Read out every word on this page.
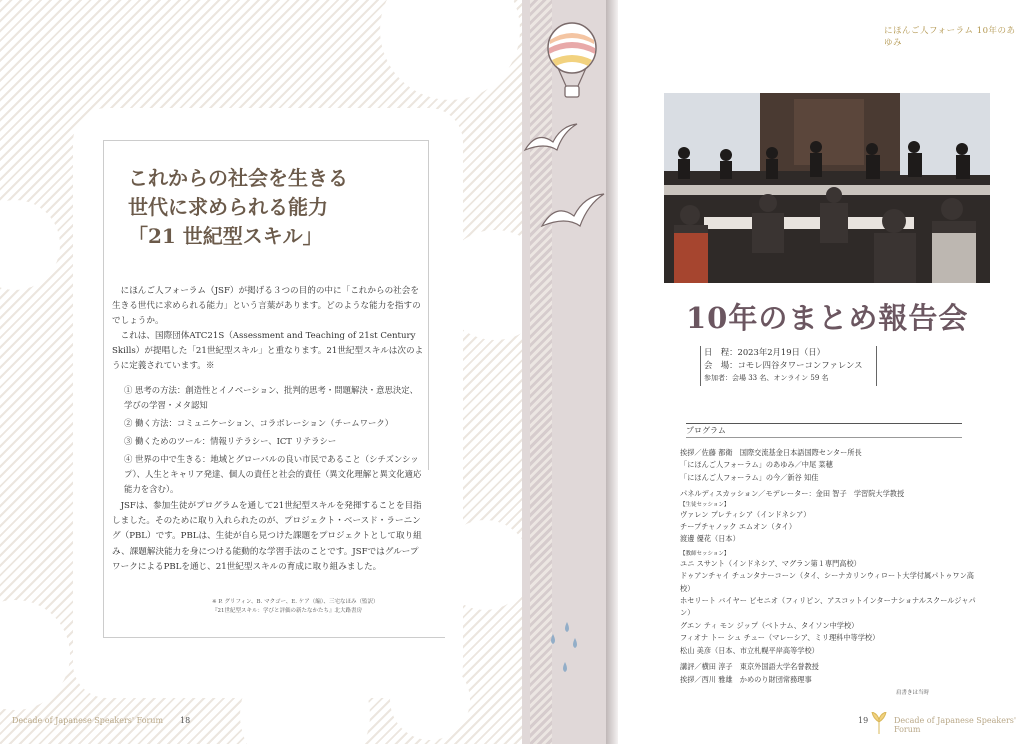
これからの社会を生きる
世代に求められる能力
「21 世紀型スキル」

にほんご人フォーラム（JSF）が掲げる３つの目的の中に「これからの社会を生きる世代に求められる能力」という言葉があります。どのような能力を指すのでしょうか。

これは、国際団体ATC21S（Assessment and Teaching of 21st Century Skills）が提唱した「21世紀型スキル」と重なります。21世紀型スキルは次のように定義されています。※

① 思考の方法：創造性とイノベーション、批判的思考・問題解決・意思決定、学びの学習・メタ認知
② 働く方法：コミュニケーション、コラボレーション（チームワーク）
③ 働くためのツール：情報リテラシー、ICT リテラシー
④ 世界の中で生きる：地域とグローバルの良い市民であること（シチズンシップ）、人生とキャリア発達、個人の責任と社会的責任（異文化理解と異文化適応能力を含む）。

JSFは、参加生徒がプログラムを通して21世紀型スキルを発揮することを目指しました。そのために取り入れられたのが、プロジェクト・ベースド・ラーニング（PBL）です。PBLは、生徒が自ら見つけた課題をプロジェクトとして取り組み、課題解決能力を身につける能動的な学習手法のことです。JSFではグループワークによるPBLを通じ、21世紀型スキルの育成に取り組みました。

※ P. グリフィン、B. マクゴー、E. ケア（編）、三宅なほみ（監訳）
『21世紀型スキル：学びと評価の新たなかたち』北大路書房
Decade of Japanese Speakers' Forum 18
にほんご人フォーラム 10年のあゆみ
10年のまとめ報告会
日　程：2023年2月19日（日）
会　場：コモレ四谷タワーコンファレンス
参加者：会場 33 名、オンライン 59 名
プログラム
挨拶／佐藤 都衛　国際交流基金日本語国際センター所長
「にほんご人フォーラム」のあゆみ／中尾 菜穂
「にほんご人フォーラム」の今／新谷 知佳
パネルディスカッション／モデレーター：金田 智子　学習院大学教授
【生徒セッション】
ヴァレン プレティシア（インドネシア）
チープチャノック エムオン（タイ）
渡邊 優花（日本）
【教師セッション】
ユニ スサント（インドネシア、マグラン第１専門高校）
ドゥアンチャイ チュンタナーコーン（タイ、シーナカリンウィロート大学付属パトゥワン高校）
ホセリート バイヤー ビセニオ（フィリピン、アスコットインターナショナルスクールジャパン）
グエン ティ モン ジップ（ベトナム、タイソン中学校）
フィオナ トー シュ チュー（マレーシア、ミリ理科中等学校）
松山 美彦（日本、市立札幌平岸高等学校）
講評／横田 淳子　東京外国語大学名誉教授
挨拶／西川 雅雄　かめのり財団常務理事
肩書きは当時
19	Decade of Japanese Speakers' Forum
